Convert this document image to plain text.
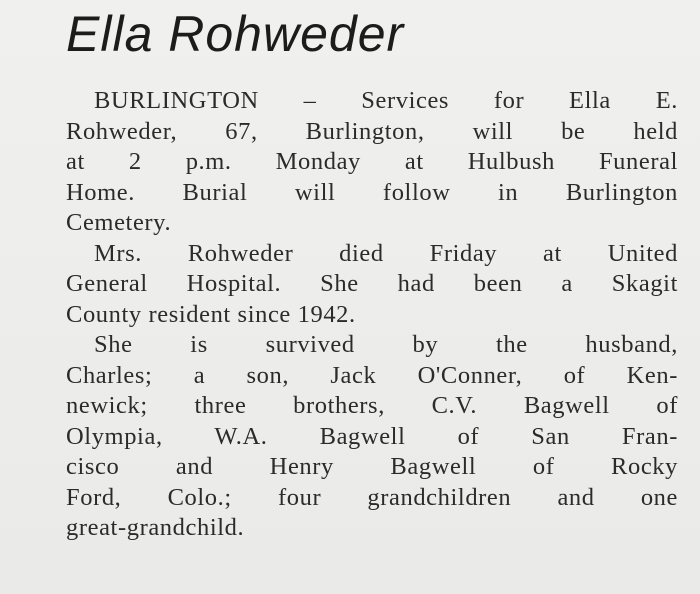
Ella Rohweder
BURLINGTON – Services for Ella E.
Rohweder, 67, Burlington, will be held
at 2 p.m. Monday at Hulbush Funeral
Home. Burial will follow in Burlington
Cemetery.
Mrs. Rohweder died Friday at United
General Hospital. She had been a Skagit
County resident since 1942.
She is survived by the husband,
Charles; a son, Jack O'Conner, of Ken-
newick; three brothers, C.V. Bagwell of
Olympia, W.A. Bagwell of San Fran-
cisco and Henry Bagwell of Rocky
Ford, Colo.; four grandchildren and one
great-grandchild.
